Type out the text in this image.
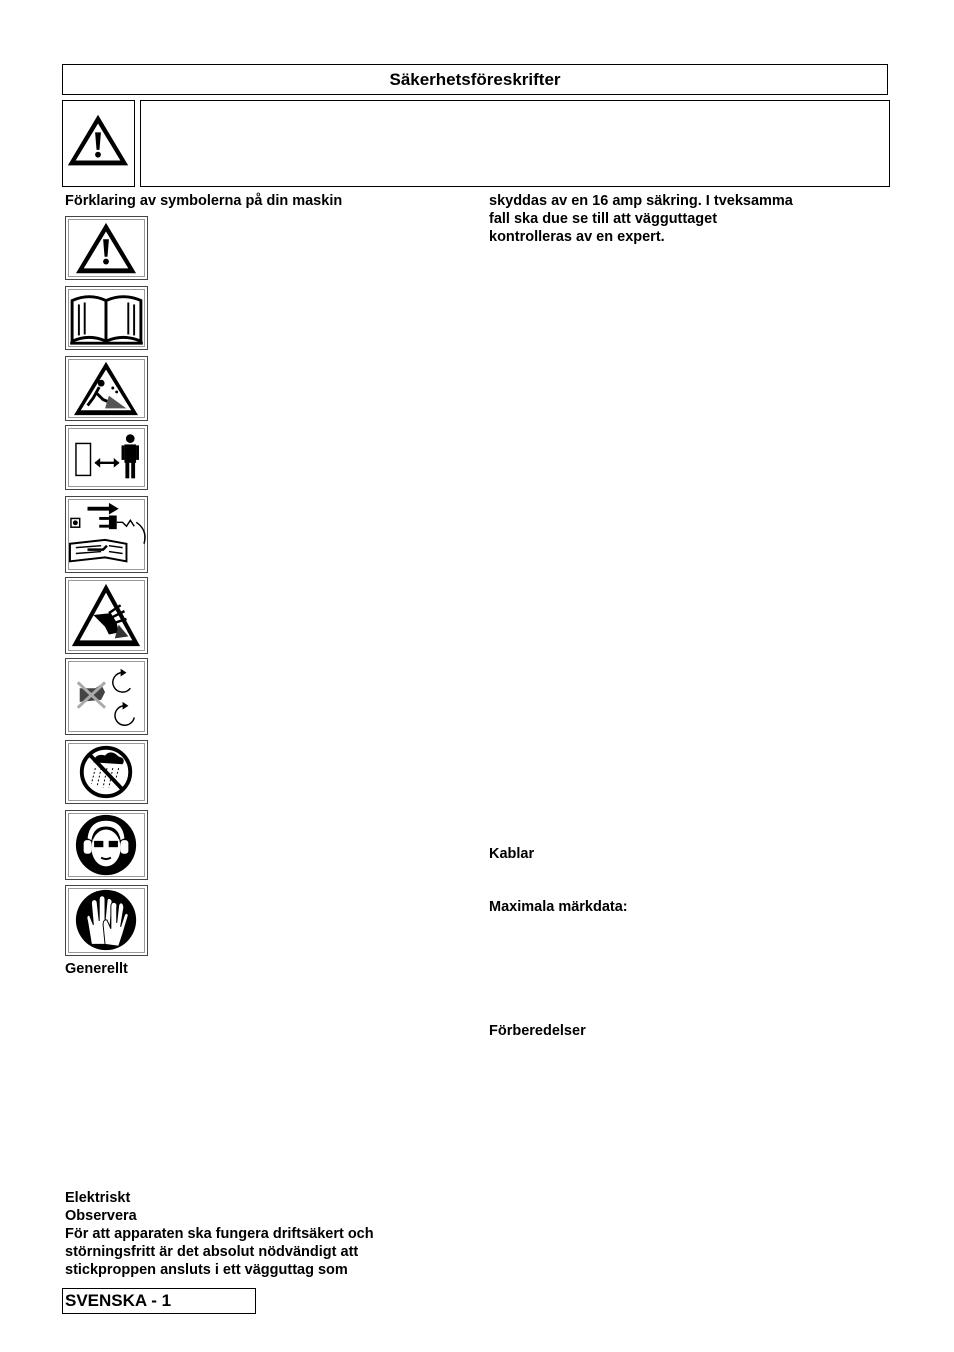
Säkerhetsföreskrifter
Förklaring av symbolerna på din maskin
Generellt
Elektriskt
Observera
För att apparaten ska fungera driftsäkert och
störningsfritt är det absolut nödvändigt att
stickproppen ansluts i ett vägguttag som
skyddas av en 16 amp säkring. I tveksamma
fall ska due se till att vägguttaget
kontrolleras av en expert.
Kablar
Maximala märkdata:
Förberedelser
SVENSKA - 1
